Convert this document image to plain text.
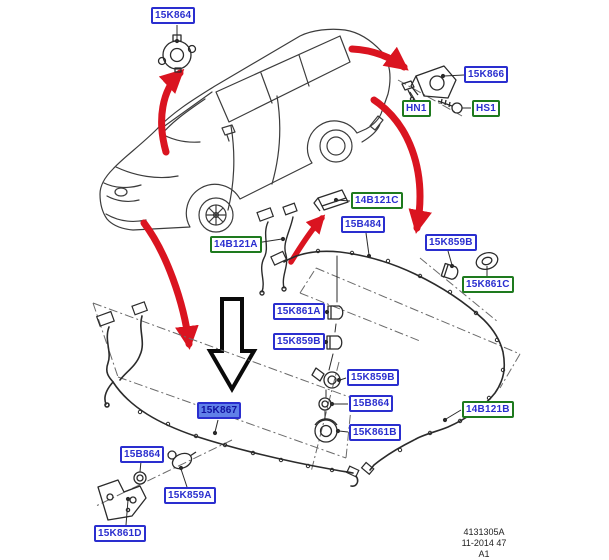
15K864
15K866
HN1	HS1
14B121C
15B484
14B121A	15K859B
15K861C
15K861A
15K859B
15K859B
15B864
15K861B
14B121B
15K867
15B864
15K859A
15K861D	4131305A
11-2014 47
A1
